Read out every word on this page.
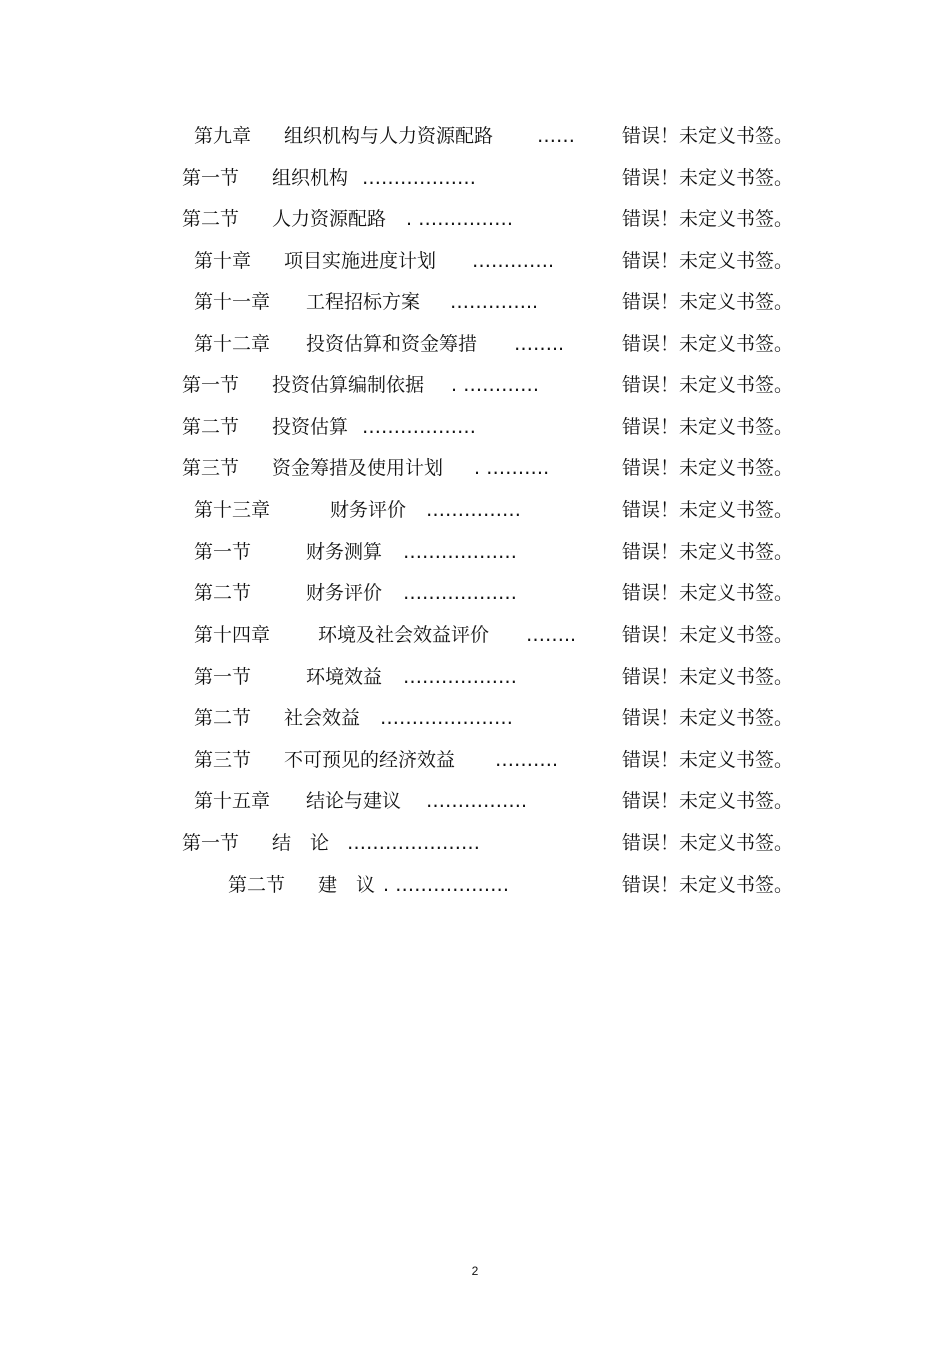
第九章 组织机构与人力资源配路 …… 错误！未定义书签。
第一节 组织机构 ………………	错误！未定义书签。
第二节 人力资源配路 . ……………	错误！未定义书签。
第十章 项目实施进度计划 ………….	错误！未定义书签。
第十一章 工程招标方案 …………..	错误！未定义书签。
第十二章 投资估算和资金筹措 ……..	错误！未定义书签。
第一节 投资估算编制依据 . …………	错误！未定义书签。
第二节 投资估算 ………………	错误！未定义书签。
第三节 资金筹措及使用计划 . ……….	错误！未定义书签。
第十三章	财务评价 ……………	错误！未定义书签。
第一节	财务测算 ………………	错误！未定义书签。
第二节	财务评价 ………………	错误！未定义书签。
第十四章	环境及社会效益评价 …….. 错误！未定义书签。
第一节	环境效益 ………………	错误！未定义书签。
第二节 社会效益 …………………	错误！未定义书签。
第三节 不可预见的经济效益 ……….	错误！未定义书签。
第十五章 结论与建议 …………….	错误！未定义书签。
第一节 结　论 …………………	错误！未定义书签。
第二节 建　议 . ………………	错误！未定义书签。
2
